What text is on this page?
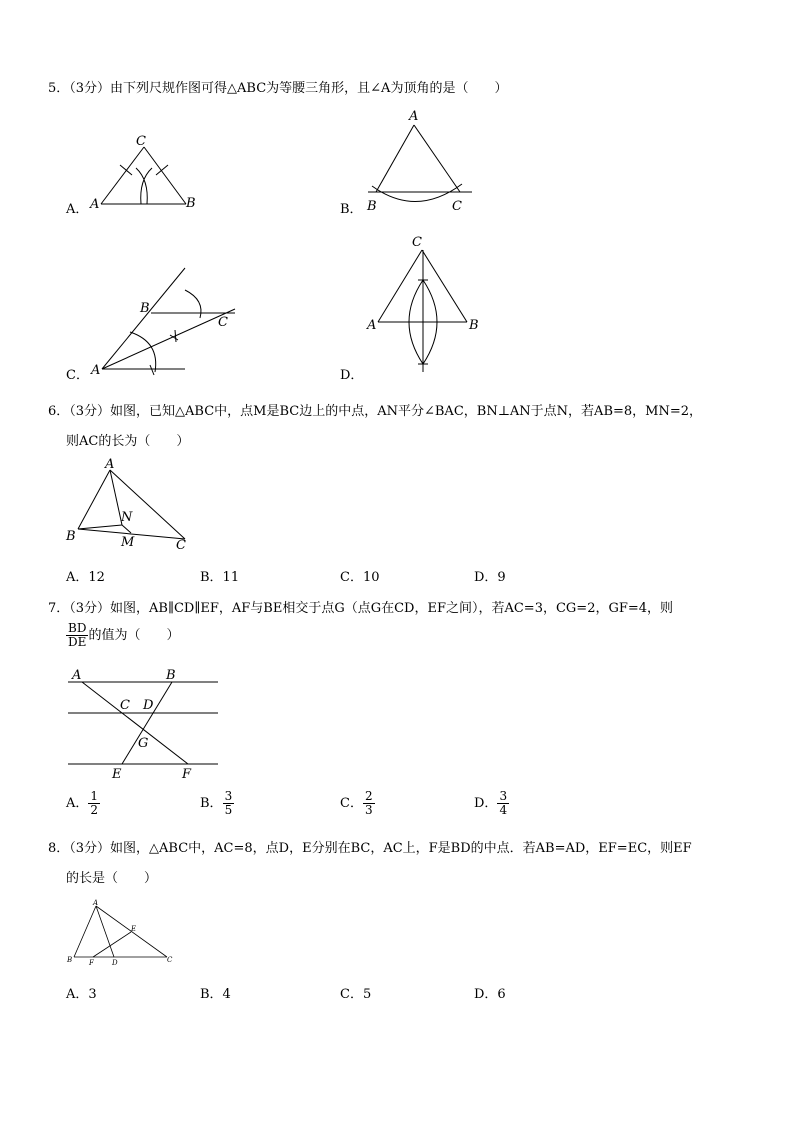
5．（3分）由下列尺规作图可得△ABC为等腰三角形，且∠A为顶角的是（　　）
A．
C
A	B	B．
A
B	C
C．
B
C
A	D．
C
A	B
6．（3分）如图，已知△ABC中，点M是BC边上的中点，AN平分∠BAC，BN⊥AN于点N，若AB=8，MN=2，
则AC的长为（　　）
A
B
N
M	C
A．12	B．11	C．10	D．9
7．（3分）如图，AB∥CD∥EF，AF与BE相交于点G（点G在CD，EF之间），若AC=3，CG=2，GF=4，则
$\frac{BD}{DE}$ 的值为（　　）
A	B
C D
G
E	F
A． $\frac{1}{2}$	B． $\frac{3}{5}$	C． $\frac{2}{3}$	D． $\frac{3}{4}$
8．（3分）如图，△ABC中，AC=8，点D，E分别在BC，AC上，F是BD的中点．若AB=AD，EF=EC，则EF
的长是（　　）
A
B F	D
E
C
A．3	B．4	C．5	D．6
